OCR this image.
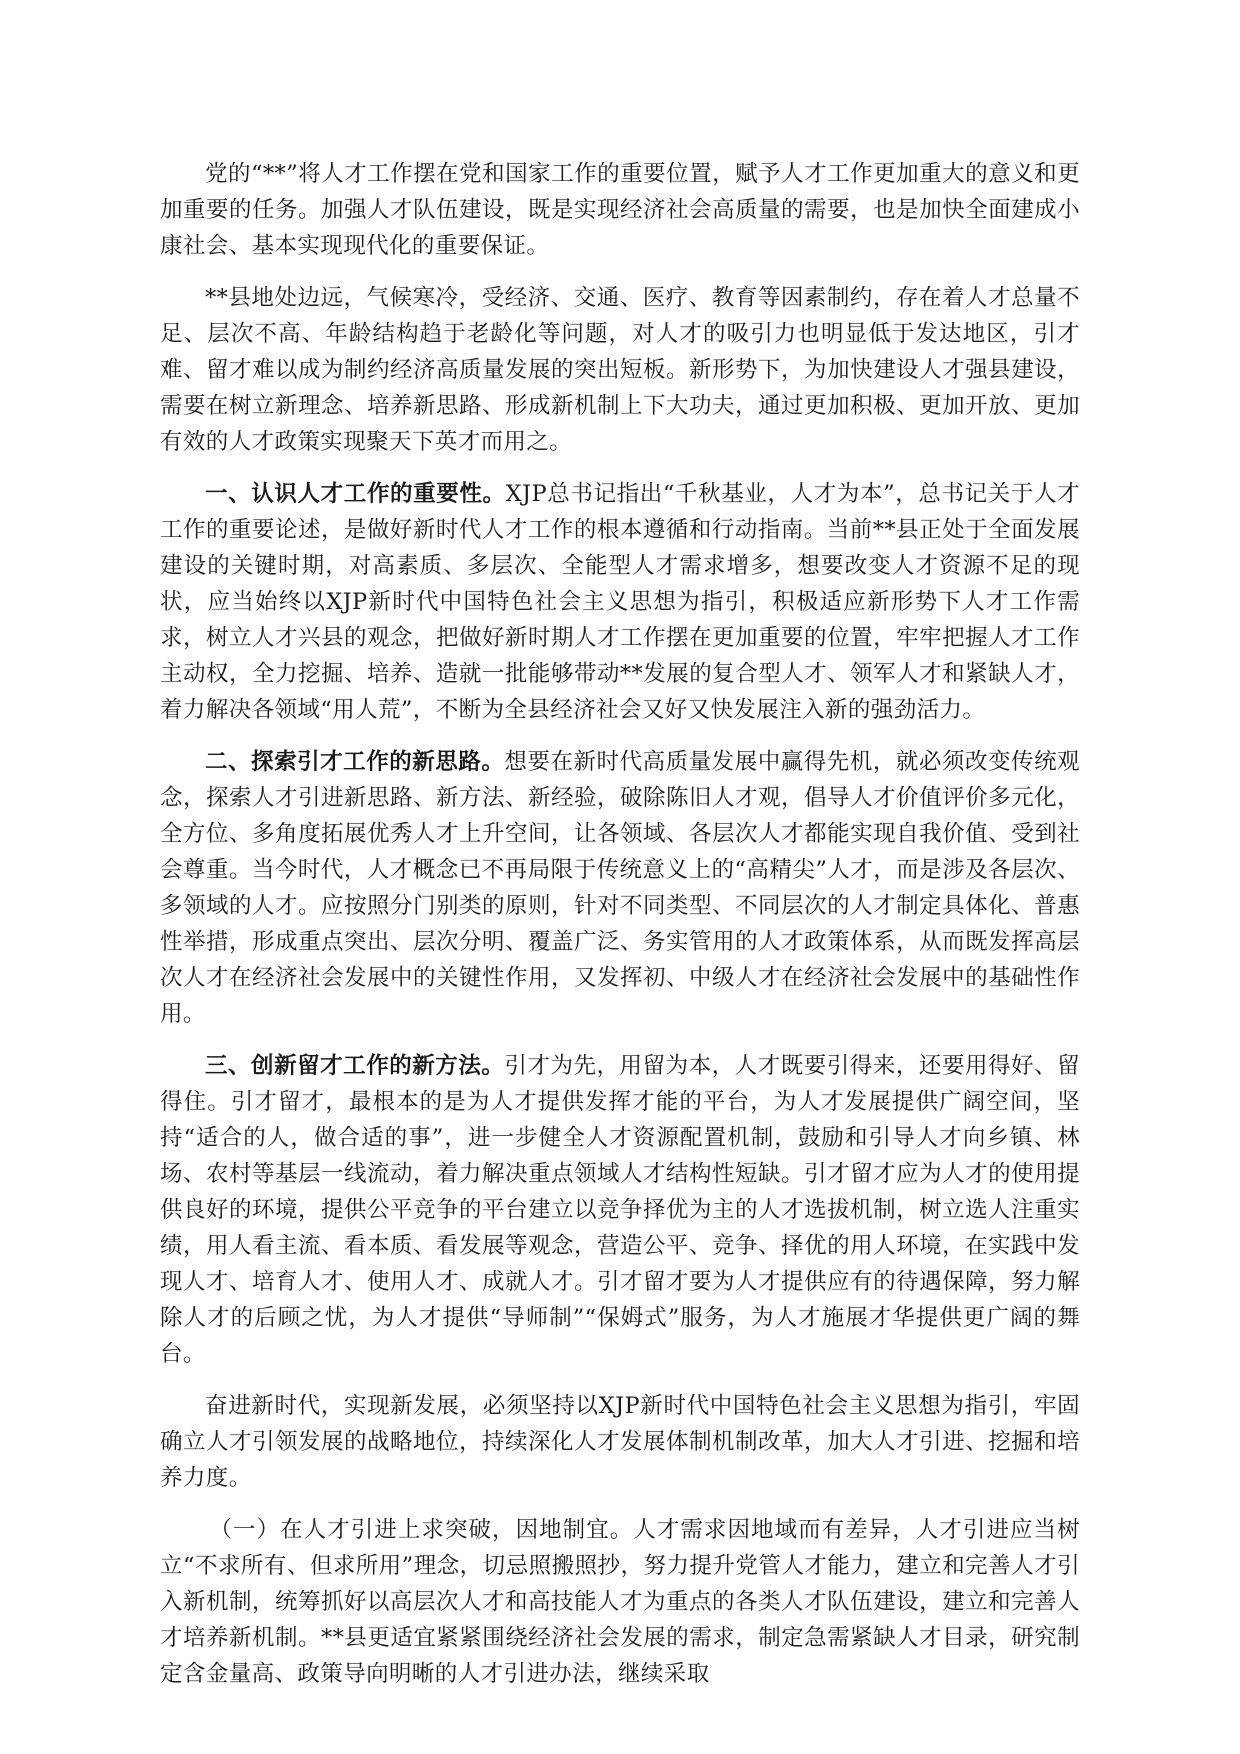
党的“**”将人才工作摆在党和国家工作的重要位置，赋予人才工作更加重大的意义和更加重要的任务。加强人才队伍建设，既是实现经济社会高质量的需要，也是加快全面建成小康社会、基本实现现代化的重要保证。

**县地处边远，气候寒冷，受经济、交通、医疗、教育等因素制约，存在着人才总量不足、层次不高、年龄结构趋于老龄化等问题，对人才的吸引力也明显低于发达地区，引才难、留才难以成为制约经济高质量发展的突出短板。新形势下，为加快建设人才强县建设，需要在树立新理念、培养新思路、形成新机制上下大功夫，通过更加积极、更加开放、更加有效的人才政策实现聚天下英才而用之。

一、认识人才工作的重要性。XJP总书记指出“千秋基业，人才为本”，总书记关于人才工作的重要论述，是做好新时代人才工作的根本遵循和行动指南。当前**县正处于全面发展建设的关键时期，对高素质、多层次、全能型人才需求增多，想要改变人才资源不足的现状，应当始终以XJP新时代中国特色社会主义思想为指引，积极适应新形势下人才工作需求，树立人才兴县的观念，把做好新时期人才工作摆在更加重要的位置，牢牢把握人才工作主动权，全力挖掘、培养、造就一批能够带动**发展的复合型人才、领军人才和紧缺人才，着力解决各领域“用人荒”，不断为全县经济社会又好又快发展注入新的强劲活力。

二、探索引才工作的新思路。想要在新时代高质量发展中赢得先机，就必须改变传统观念，探索人才引进新思路、新方法、新经验，破除陈旧人才观，倡导人才价值评价多元化，全方位、多角度拓展优秀人才上升空间，让各领域、各层次人才都能实现自我价值、受到社会尊重。当今时代，人才概念已不再局限于传统意义上的“高精尖”人才，而是涉及各层次、多领域的人才。应按照分门别类的原则，针对不同类型、不同层次的人才制定具体化、普惠性举措，形成重点突出、层次分明、覆盖广泛、务实管用的人才政策体系，从而既发挥高层次人才在经济社会发展中的关键性作用，又发挥初、中级人才在经济社会发展中的基础性作用。

三、创新留才工作的新方法。引才为先，用留为本，人才既要引得来，还要用得好、留得住。引才留才，最根本的是为人才提供发挥才能的平台，为人才发展提供广阔空间，坚持“适合的人，做合适的事”，进一步健全人才资源配置机制，鼓励和引导人才向乡镇、林场、农村等基层一线流动，着力解决重点领域人才结构性短缺。引才留才应为人才的使用提供良好的环境，提供公平竞争的平台建立以竞争择优为主的人才选拔机制，树立选人注重实绩，用人看主流、看本质、看发展等观念，营造公平、竞争、择优的用人环境，在实践中发现人才、培育人才、使用人才、成就人才。引才留才要为人才提供应有的待遇保障，努力解除人才的后顾之忧，为人才提供“导师制”“保姆式”服务，为人才施展才华提供更广阔的舞台。

奋进新时代，实现新发展，必须坚持以XJP新时代中国特色社会主义思想为指引，牢固确立人才引领发展的战略地位，持续深化人才发展体制机制改革，加大人才引进、挖掘和培养力度。

（一）在人才引进上求突破，因地制宜。人才需求因地域而有差异，人才引进应当树立“不求所有、但求所用”理念，切忌照搬照抄，努力提升党管人才能力，建立和完善人才引入新机制，统筹抓好以高层次人才和高技能人才为重点的各类人才队伍建设，建立和完善人才培养新机制。**县更适宜紧紧围绕经济社会发展的需求，制定急需紧缺人才目录，研究制定含金量高、政策导向明晰的人才引进办法，继续采取
